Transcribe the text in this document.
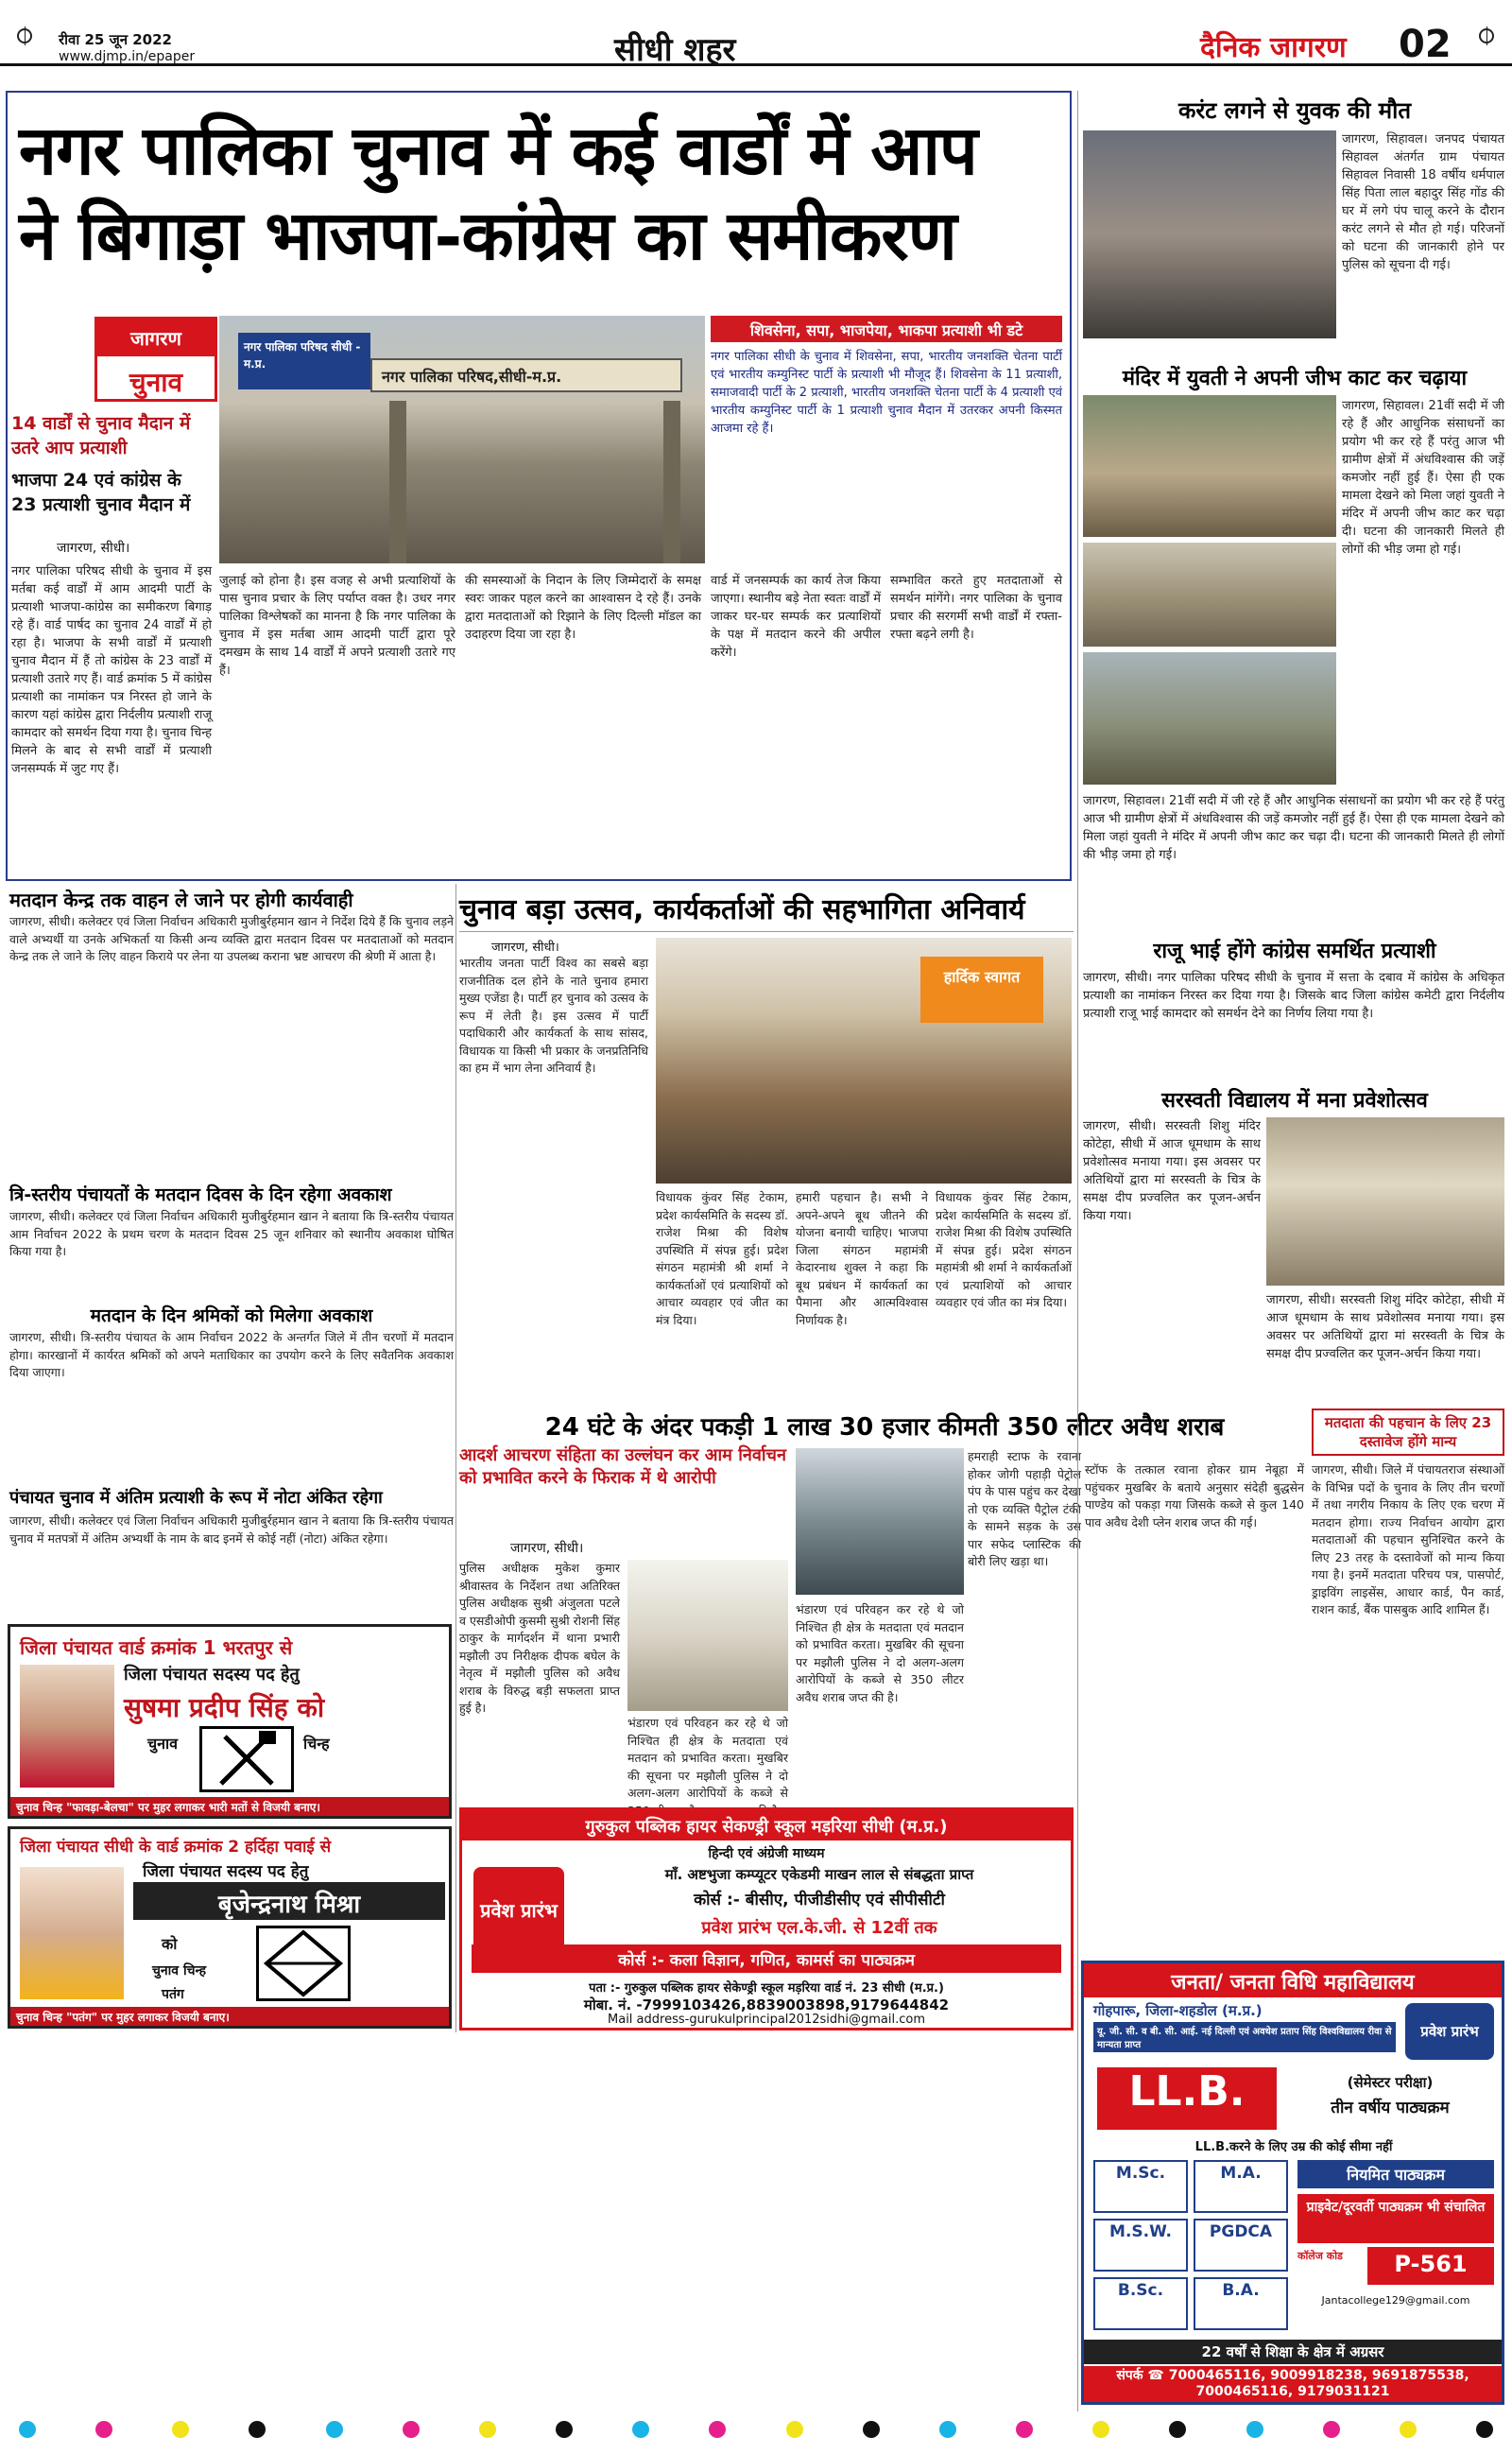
रीवा 25 जून 2022
www.djmp.in/epaper	सीधी शहर	दैनिक जागरण 02
नगर पालिका चुनाव में कई वार्डों में आप
ने बिगाड़ा भाजपा-कांग्रेस का समीकरण
जागरण
चुनाव
14 वार्डों से चुनाव मैदान में उतरे आप प्रत्याशी
भाजपा 24 एवं कांग्रेस के 23 प्रत्याशी चुनाव मैदान में
जागरण, सीधी।
नगर पालिका परिषद सीधी के चुनाव में इस मर्तबा कई वार्डों में आम आदमी पार्टी के प्रत्याशी भाजपा-कांग्रेस का समीकरण बिगाड़ रहे हैं। वार्ड पार्षद का चुनाव 24 वार्डों में हो रहा है। भाजपा के सभी वार्डों में प्रत्याशी चुनाव मैदान में हैं तो कांग्रेस के 23 वार्डों में प्रत्याशी उतारे गए हैं। वार्ड क्रमांक 5 में कांग्रेस प्रत्याशी का नामांकन पत्र निरस्त हो जाने के कारण यहां कांग्रेस द्वारा निर्दलीय प्रत्याशी राजू कामदार को समर्थन दिया गया है। चुनाव चिन्ह मिलने के बाद से सभी वार्डों में प्रत्याशी जनसम्पर्क में जुट गए हैं।
नगर पालिका परिषद सीधी - म.प्र.
नगर पालिका परिषद,सीधी-म.प्र.
जुलाई को होना है। इस वजह से अभी प्रत्याशियों के पास चुनाव प्रचार के लिए पर्याप्त वक्त है। उधर नगर पालिका विश्लेषकों का मानना है कि नगर पालिका के चुनाव में इस मर्तबा आम आदमी पार्टी द्वारा पूरे दमखम के साथ 14 वार्डों में अपने प्रत्याशी उतारे गए हैं।
की समस्याओं के निदान के लिए जिम्मेदारों के समक्ष स्वरः जाकर पहल करने का आश्वासन दे रहे हैं। उनके द्वारा मतदाताओं को रिझाने के लिए दिल्ली मॉडल का उदाहरण दिया जा रहा है।
शिवसेना, सपा, भाजपेया, भाकपा प्रत्याशी भी डटे
नगर पालिका सीधी के चुनाव में शिवसेना, सपा, भारतीय जनशक्ति चेतना पार्टी एवं भारतीय कम्युनिस्ट पार्टी के प्रत्याशी भी मौजूद हैं। शिवसेना के 11 प्रत्याशी, समाजवादी पार्टी के 2 प्रत्याशी, भारतीय जनशक्ति चेतना पार्टी के 4 प्रत्याशी एवं भारतीय कम्युनिस्ट पार्टी के 1 प्रत्याशी चुनाव मैदान में उतरकर अपनी किस्मत आजमा रहे हैं।
वार्ड में जनसम्पर्क का कार्य तेज किया जाएगा। स्थानीय बड़े नेता स्वतः वार्डों में जाकर घर-घर सम्पर्क कर प्रत्याशियों के पक्ष में मतदान करने की अपील करेंगे।
सम्भावित करते हुए मतदाताओं से समर्थन मांगेंगे। नगर पालिका के चुनाव प्रचार की सरगर्मी सभी वार्डों में रफ्ता-रफ्ता बढ़ने लगी है।
करंट लगने से युवक की मौत
जागरण, सिहावल। जनपद पंचायत सिहावल अंतर्गत ग्राम पंचायत सिहावल निवासी 18 वर्षीय धर्मपाल सिंह पिता लाल बहादुर सिंह गोंड की घर में लगे पंप चालू करने के दौरान करंट लगने से मौत हो गई। परिजनों को घटना की जानकारी होने पर पुलिस को सूचना दी गई।
मंदिर में युवती ने अपनी जीभ काट कर चढ़ाया
जागरण, सिहावल। 21वीं सदी में जी रहे हैं और आधुनिक संसाधनों का प्रयोग भी कर रहे हैं परंतु आज भी ग्रामीण क्षेत्रों में अंधविश्वास की जड़ें कमजोर नहीं हुई हैं। ऐसा ही एक मामला देखने को मिला जहां युवती ने मंदिर में अपनी जीभ काट कर चढ़ा दी। घटना की जानकारी मिलते ही लोगों की भीड़ जमा हो गई।
जागरण, सिहावल। 21वीं सदी में जी रहे हैं और आधुनिक संसाधनों का प्रयोग भी कर रहे हैं परंतु आज भी ग्रामीण क्षेत्रों में अंधविश्वास की जड़ें कमजोर नहीं हुई हैं। ऐसा ही एक मामला देखने को मिला जहां युवती ने मंदिर में अपनी जीभ काट कर चढ़ा दी। घटना की जानकारी मिलते ही लोगों की भीड़ जमा हो गई।
राजू भाई होंगे कांग्रेस समर्थित प्रत्याशी
जागरण, सीधी। नगर पालिका परिषद सीधी के चुनाव में सत्ता के दबाव में कांग्रेस के अधिकृत प्रत्याशी का नामांकन निरस्त कर दिया गया है। जिसके बाद जिला कांग्रेस कमेटी द्वारा निर्दलीय प्रत्याशी राजू भाई कामदार को समर्थन देने का निर्णय लिया गया है।
सरस्वती विद्यालय में मना प्रवेशोत्सव
जागरण, सीधी। सरस्वती शिशु मंदिर कोटेहा, सीधी में आज धूमधाम के साथ प्रवेशोत्सव मनाया गया। इस अवसर पर अतिथियों द्वारा मां सरस्वती के चित्र के समक्ष दीप प्रज्वलित कर पूजन-अर्चन किया गया।
जागरण, सीधी। सरस्वती शिशु मंदिर कोटेहा, सीधी में आज धूमधाम के साथ प्रवेशोत्सव मनाया गया। इस अवसर पर अतिथियों द्वारा मां सरस्वती के चित्र के समक्ष दीप प्रज्वलित कर पूजन-अर्चन किया गया।
मतदान केन्द्र तक वाहन ले जाने पर होगी कार्यवाही
जागरण, सीधी। कलेक्टर एवं जिला निर्वाचन अधिकारी मुजीबुर्रहमान खान ने निर्देश दिये हैं कि चुनाव लड़ने वाले अभ्यर्थी या उनके अभिकर्ता या किसी अन्य व्यक्ति द्वारा मतदान दिवस पर मतदाताओं को मतदान केन्द्र तक ले जाने के लिए वाहन किराये पर लेना या उपलब्ध कराना भ्रष्ट आचरण की श्रेणी में आता है।
त्रि-स्तरीय पंचायतों के मतदान दिवस के दिन रहेगा अवकाश
जागरण, सीधी। कलेक्टर एवं जिला निर्वाचन अधिकारी मुजीबुर्रहमान खान ने बताया कि त्रि-स्तरीय पंचायत आम निर्वाचन 2022 के प्रथम चरण के मतदान दिवस 25 जून शनिवार को स्थानीय अवकाश घोषित किया गया है।
मतदान के दिन श्रमिकों को मिलेगा अवकाश
जागरण, सीधी। त्रि-स्तरीय पंचायत के आम निर्वाचन 2022 के अन्तर्गत जिले में तीन चरणों में मतदान होगा। कारखानों में कार्यरत श्रमिकों को अपने मताधिकार का उपयोग करने के लिए सवैतनिक अवकाश दिया जाएगा।
पंचायत चुनाव में अंतिम प्रत्याशी के रूप में नोटा अंकित रहेगा
जागरण, सीधी। कलेक्टर एवं जिला निर्वाचन अधिकारी मुजीबुर्रहमान खान ने बताया कि त्रि-स्तरीय पंचायत चुनाव में मतपत्रों में अंतिम अभ्यर्थी के नाम के बाद इनमें से कोई नहीं (नोटा) अंकित रहेगा।
चुनाव बड़ा उत्सव, कार्यकर्ताओं की सहभागिता अनिवार्य
जागरण, सीधी।
भारतीय जनता पार्टी विश्व का सबसे बड़ा राजनीतिक दल होने के नाते चुनाव हमारा मुख्य एजेंडा है। पार्टी हर चुनाव को उत्सव के रूप में लेती है। इस उत्सव में पार्टी पदाधिकारी और कार्यकर्ता के साथ सांसद, विधायक या किसी भी प्रकार के जनप्रतिनिधि का हम में भाग लेना अनिवार्य है।
हार्दिक स्वागत
विधायक कुंवर सिंह टेकाम, प्रदेश कार्यसमिति के सदस्य डॉ. राजेश मिश्रा की विशेष उपस्थिति में संपन्न हुई। प्रदेश संगठन महामंत्री श्री शर्मा ने कार्यकर्ताओं एवं प्रत्याशियों को आचार व्यवहार एवं जीत का मंत्र दिया।
हमारी पहचान है। सभी ने अपने-अपने बूथ जीतने की योजना बनायी चाहिए। भाजपा जिला संगठन महामंत्री केदारनाथ शुक्ल ने कहा कि बूथ प्रबंधन में कार्यकर्ता का पैमाना और आत्मविश्वास निर्णायक है।
विधायक कुंवर सिंह टेकाम, प्रदेश कार्यसमिति के सदस्य डॉ. राजेश मिश्रा की विशेष उपस्थिति में संपन्न हुई। प्रदेश संगठन महामंत्री श्री शर्मा ने कार्यकर्ताओं एवं प्रत्याशियों को आचार व्यवहार एवं जीत का मंत्र दिया।
24 घंटे के अंदर पकड़ी 1 लाख 30 हजार कीमती 350 लीटर अवैध शराब
आदर्श आचरण संहिता का उल्लंघन कर आम निर्वाचन को प्रभावित करने के फिराक में थे आरोपी
हमराही स्टाफ के रवाना होकर जोगी पहाड़ी पेट्रोल पंप के पास पहुंच कर देखा तो एक व्यक्ति पैट्रोल टंकी के सामने सड़क के उस पार सफेद प्लास्टिक की बोरी लिए खड़ा था।
जागरण, सीधी।
पुलिस अधीक्षक मुकेश कुमार श्रीवास्तव के निर्देशन तथा अतिरिक्त पुलिस अधीक्षक सुश्री अंजुलता पटले व एसडीओपी कुसमी सुश्री रोशनी सिंह ठाकुर के मार्गदर्शन में थाना प्रभारी मझौली उप निरीक्षक दीपक बघेल के नेतृत्व में मझौली पुलिस को अवैध शराब के विरुद्ध बड़ी सफलता प्राप्त हुई है।
भंडारण एवं परिवहन कर रहे थे जो निश्चित ही क्षेत्र के मतदाता एवं मतदान को प्रभावित करता। मुखबिर की सूचना पर मझौली पुलिस ने दो अलग-अलग आरोपियों के कब्जे से
भंडारण एवं परिवहन कर रहे थे जो निश्चित ही क्षेत्र के मतदाता एवं मतदान को प्रभावित करता। मुखबिर की सूचना पर मझौली पुलिस ने दो अलग-अलग आरोपियों के कब्जे से 350 लीटर अवैध शराब जप्त की है।
मतदाता की पहचान के लिए 23 दस्तावेज होंगे मान्य
जागरण, सीधी। जिले में पंचायतराज संस्थाओं के विभिन्न पदों के चुनाव के लिए तीन चरणों में तथा नगरीय निकाय के लिए एक चरण में मतदान होगा। राज्य निर्वाचन आयोग द्वारा मतदाताओं की पहचान सुनिश्चित करने के लिए 23 तरह के दस्तावेजों को मान्य किया गया है। इनमें मतदाता परिचय पत्र, पासपोर्ट, ड्राइविंग लाइसेंस, आधार कार्ड, पैन कार्ड, राशन कार्ड, बैंक पासबुक आदि शामिल हैं।
स्टॉफ के तत्काल रवाना होकर ग्राम नेबूहा में पहुंचकर मुखबिर के बताये अनुसार संदेही बुद्धसेन पाण्डेय को पकड़ा गया जिसके कब्जे से कुल 140 पाव अवैध देशी प्लेन शराब जप्त की गई।
जिला पंचायत वार्ड क्रमांक 1 भरतपुर से
जिला पंचायत सदस्य पद हेतु
सुषमा प्रदीप सिंह को
चुनाव	चिन्ह
चुनाव चिन्ह "फावड़ा-बेलचा" पर मुहर लगाकर भारी मतों से विजयी बनाए।
जिला पंचायत सीधी के वार्ड क्रमांक 2 हर्दिहा पवाई से
जिला पंचायत सदस्य पद हेतु
बृजेन्द्रनाथ मिश्रा
को
चुनाव चिन्ह
पतंग
चुनाव चिन्ह "पतंग" पर मुहर लगाकर विजयी बनाए।
गुरुकुल पब्लिक हायर सेकण्ड्री स्कूल मड़रिया सीधी (म.प्र.)
हिन्दी एवं अंग्रेजी माध्यम
प्रवेश प्रारंभ
माँ. अष्टभुजा कम्प्यूटर एकेडमी माखन लाल से संबद्धता प्राप्त
कोर्स :- बीसीए, पीजीडीसीए एवं सीपीसीटी
प्रवेश प्रारंभ एल.के.जी. से 12वीं तक
कोर्स :- कला विज्ञान, गणित, कामर्स का पाठ्यक्रम
पता :- गुरुकुल पब्लिक हायर सेकेण्ड्री स्कूल मड़रिया वार्ड नं. 23 सीधी (म.प्र.)
मोबा. नं. -7999103426,8839003898,9179644842
Mail address-gurukulprincipal2012sidhi@gmail.com
जनता/ जनता विधि महाविद्यालय
गोहपारू, जिला-शहडोल (म.प्र.)
यू. जी. सी. व बी. सी. आई. नई दिल्ली एवं अवधेश प्रताप सिंह विश्वविद्यालय रीवा से मान्यता प्राप्त
प्रवेश प्रारंभ
LL.B.	(सेमेस्टर परीक्षा)
तीन वर्षीय पाठ्यक्रम
LL.B.करने के लिए उम्र की कोई सीमा नहीं
M.Sc.	M.A.
M.S.W.	PGDCA
B.Sc.	B.A.
नियमित पाठ्यक्रम
प्राइवेट/दूरवर्ती पाठ्यक्रम भी संचालित
कॉलेज कोड	P-561
Jantacollege129@gmail.com
22 वर्षों से शिक्षा के क्षेत्र में अग्रसर
संपर्क ☎ 7000465116, 9009918238, 9691875538, 7000465116, 9179031121
